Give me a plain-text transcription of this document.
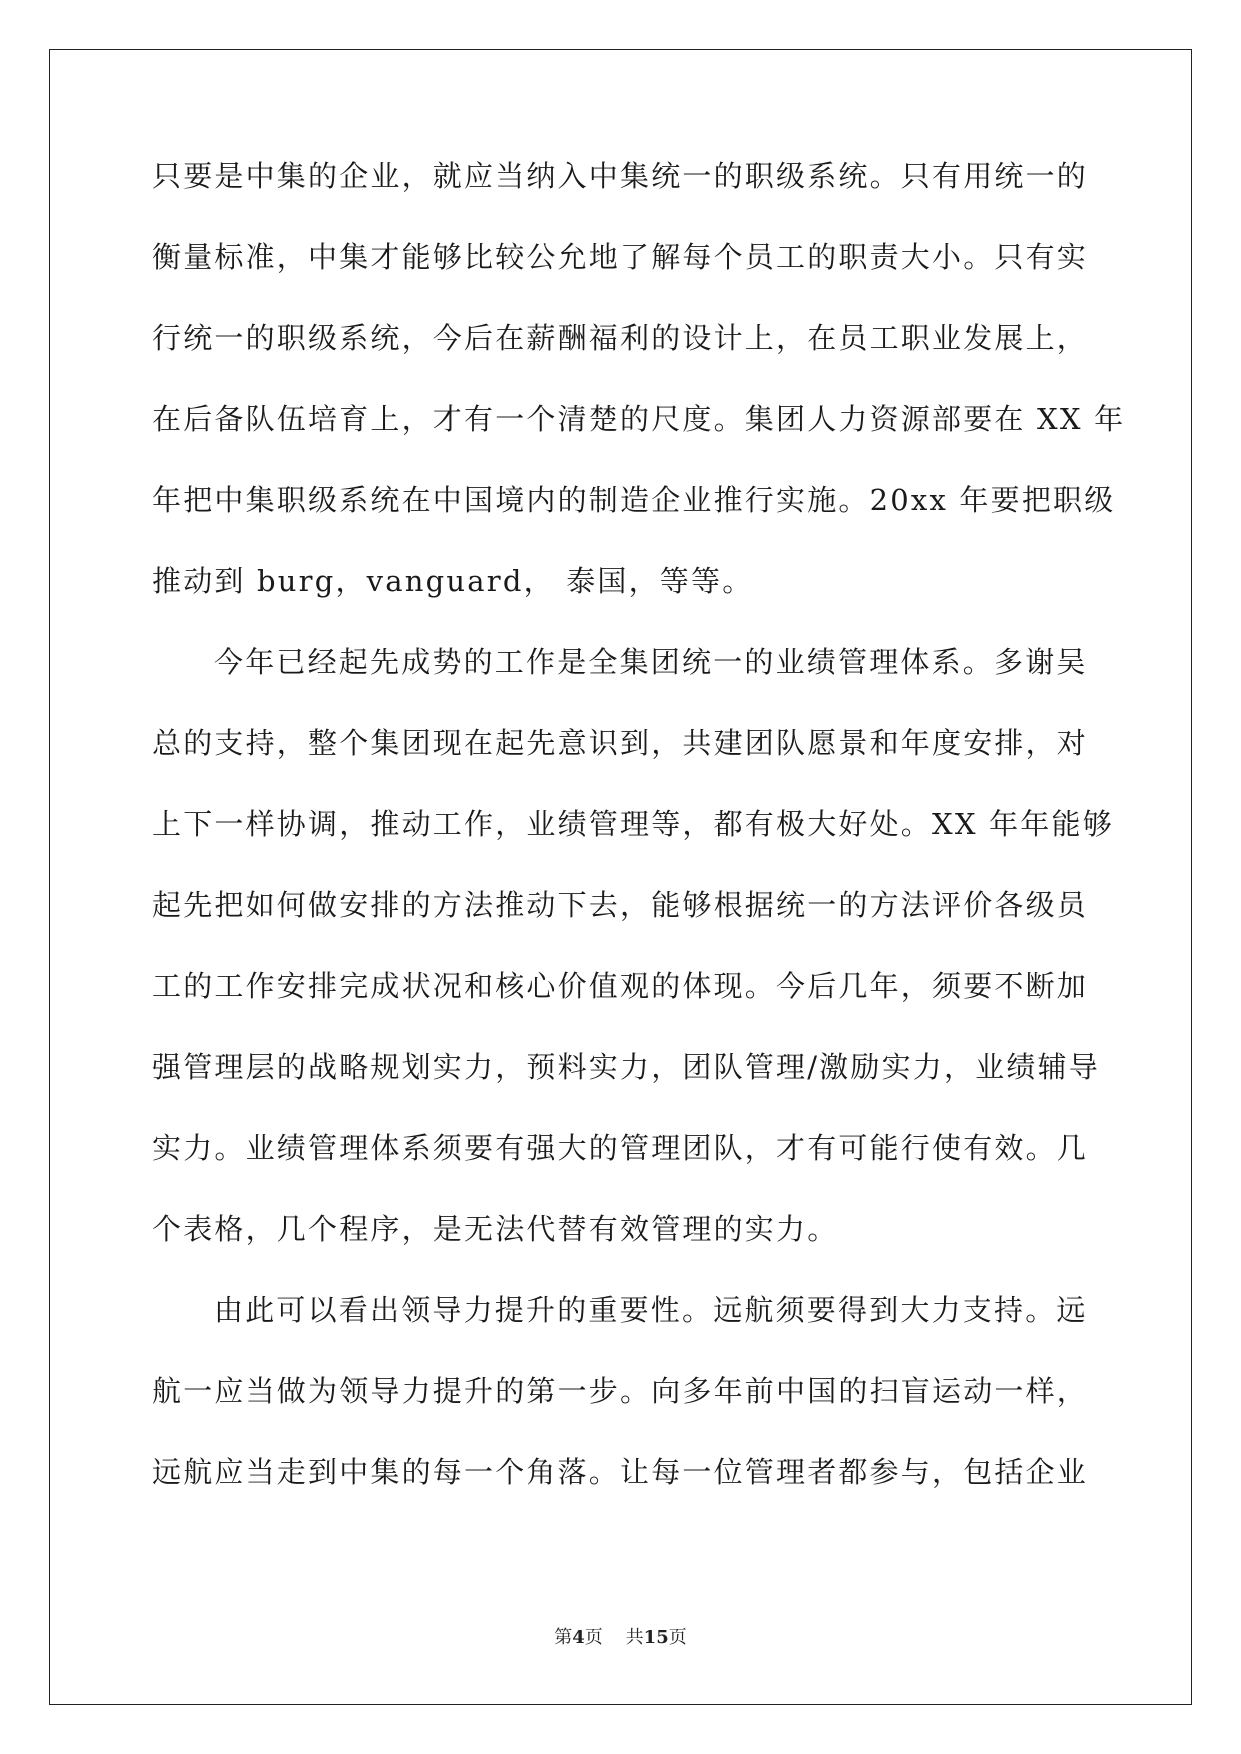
只要是中集的企业，就应当纳入中集统一的职级系统。只有用统一的
衡量标准，中集才能够比较公允地了解每个员工的职责大小。只有实
行统一的职级系统，今后在薪酬福利的设计上，在员工职业发展上，
在后备队伍培育上，才有一个清楚的尺度。集团人力资源部要在 XX 年
年把中集职级系统在中国境内的制造企业推行实施。20xx 年要把职级
推动到 burg，vanguard， 泰国，等等。
今年已经起先成势的工作是全集团统一的业绩管理体系。多谢吴
总的支持，整个集团现在起先意识到，共建团队愿景和年度安排，对
上下一样协调，推动工作，业绩管理等，都有极大好处。XX 年年能够
起先把如何做安排的方法推动下去，能够根据统一的方法评价各级员
工的工作安排完成状况和核心价值观的体现。今后几年，须要不断加
强管理层的战略规划实力，预料实力，团队管理/激励实力，业绩辅导
实力。业绩管理体系须要有强大的管理团队，才有可能行使有效。几
个表格，几个程序，是无法代替有效管理的实力。
由此可以看出领导力提升的重要性。远航须要得到大力支持。远
航一应当做为领导力提升的第一步。向多年前中国的扫盲运动一样，
远航应当走到中集的每一个角落。让每一位管理者都参与，包括企业
第4页 共15页
